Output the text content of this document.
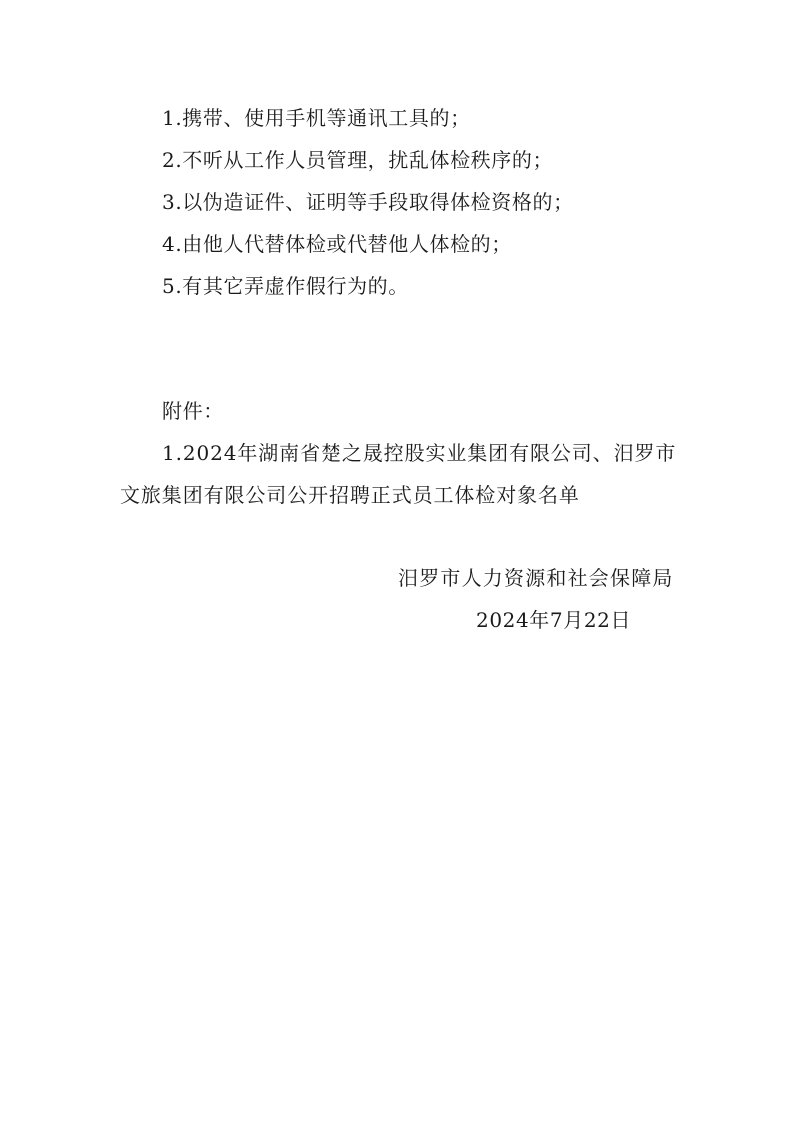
1.携带、使用手机等通讯工具的；
2.不听从工作人员管理，扰乱体检秩序的；
3.以伪造证件、证明等手段取得体检资格的；
4.由他人代替体检或代替他人体检的；
5.有其它弄虚作假行为的。
附件：
1.2024年湖南省楚之晟控股实业集团有限公司、汨罗市
文旅集团有限公司公开招聘正式员工体检对象名单
汨罗市人力资源和社会保障局
2024年7月22日
